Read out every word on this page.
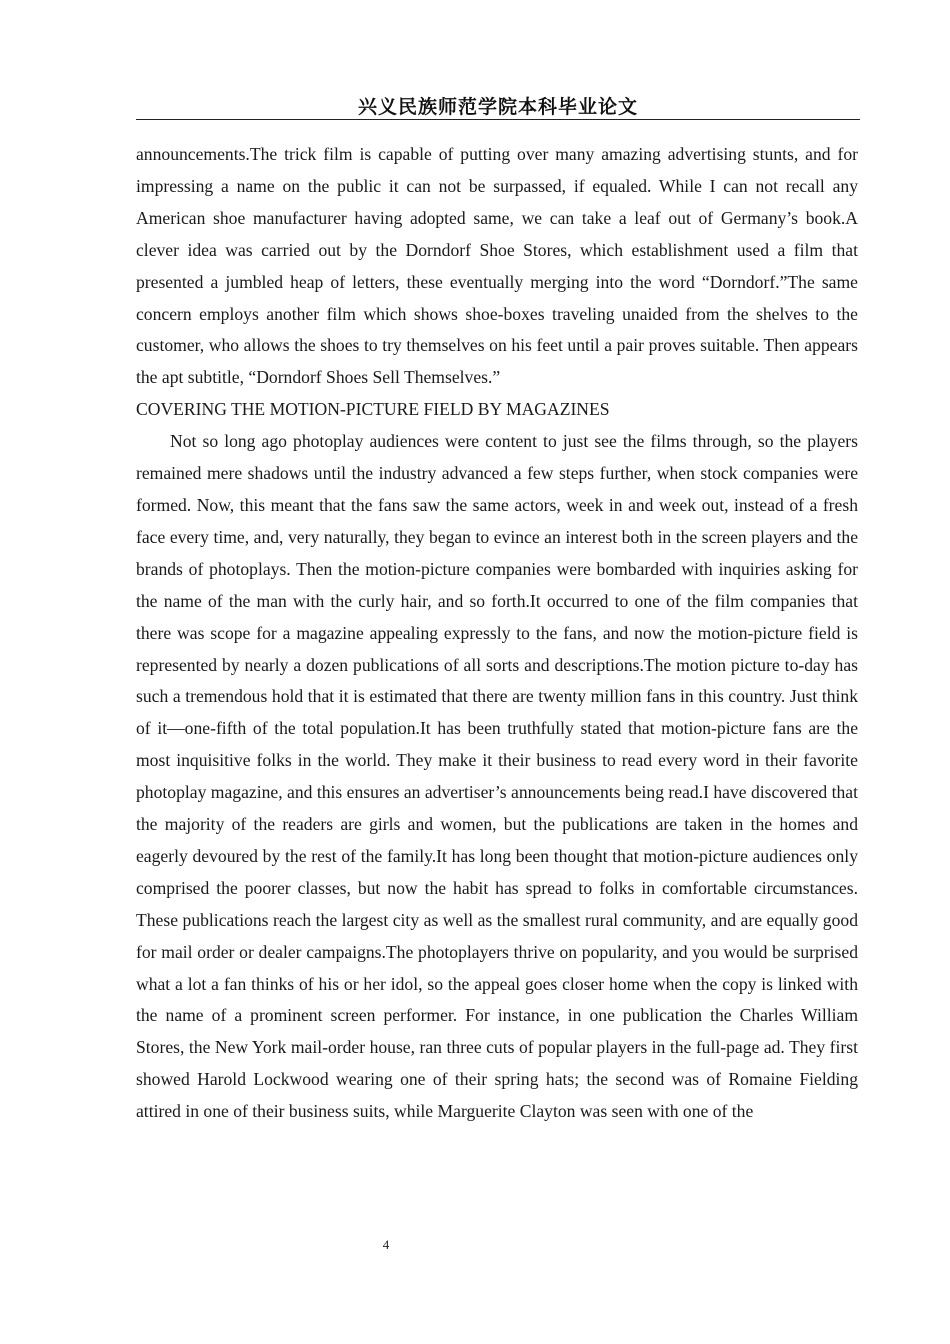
兴义民族师范学院本科毕业论文

announcements.The trick film is capable of putting over many amazing advertising stunts, and for impressing a name on the public it can not be surpassed, if equaled. While I can not recall any American shoe manufacturer having adopted same, we can take a leaf out of Germany’s book.A clever idea was carried out by the Dorndorf Shoe Stores, which establishment used a film that presented a jumbled heap of letters, these eventually merging into the word “Dorndorf.”The same concern employs another film which shows shoe-boxes traveling unaided from the shelves to the customer, who allows the shoes to try themselves on his feet until a pair proves suitable. Then appears the apt subtitle, “Dorndorf Shoes Sell Themselves.”

COVERING THE MOTION-PICTURE FIELD BY MAGAZINES

Not so long ago photoplay audiences were content to just see the films through, so the players remained mere shadows until the industry advanced a few steps further, when stock companies were formed. Now, this meant that the fans saw the same actors, week in and week out, instead of a fresh face every time, and, very naturally, they began to evince an interest both in the screen players and the brands of photoplays. Then the motion-picture companies were bombarded with inquiries asking for the name of the man with the curly hair, and so forth.It occurred to one of the film companies that there was scope for a magazine appealing expressly to the fans, and now the motion-picture field is represented by nearly a dozen publications of all sorts and descriptions.The motion picture to-day has such a tremendous hold that it is estimated that there are twenty million fans in this country. Just think of it—one-fifth of the total population.It has been truthfully stated that motion-picture fans are the most inquisitive folks in the world. They make it their business to read every word in their favorite photoplay magazine, and this ensures an advertiser’s announcements being read.I have discovered that the majority of the readers are girls and women, but the publications are taken in the homes and eagerly devoured by the rest of the family.It has long been thought that motion-picture audiences only comprised the poorer classes, but now the habit has spread to folks in comfortable circumstances. These publications reach the largest city as well as the smallest rural community, and are equally good for mail order or dealer campaigns.The photoplayers thrive on popularity, and you would be surprised what a lot a fan thinks of his or her idol, so the appeal goes closer home when the copy is linked with the name of a prominent screen performer. For instance, in one publication the Charles William Stores, the New York mail-order house, ran three cuts of popular players in the full-page ad. They first showed Harold Lockwood wearing one of their spring hats; the second was of Romaine Fielding attired in one of their business suits, while Marguerite Clayton was seen with one of the

4
